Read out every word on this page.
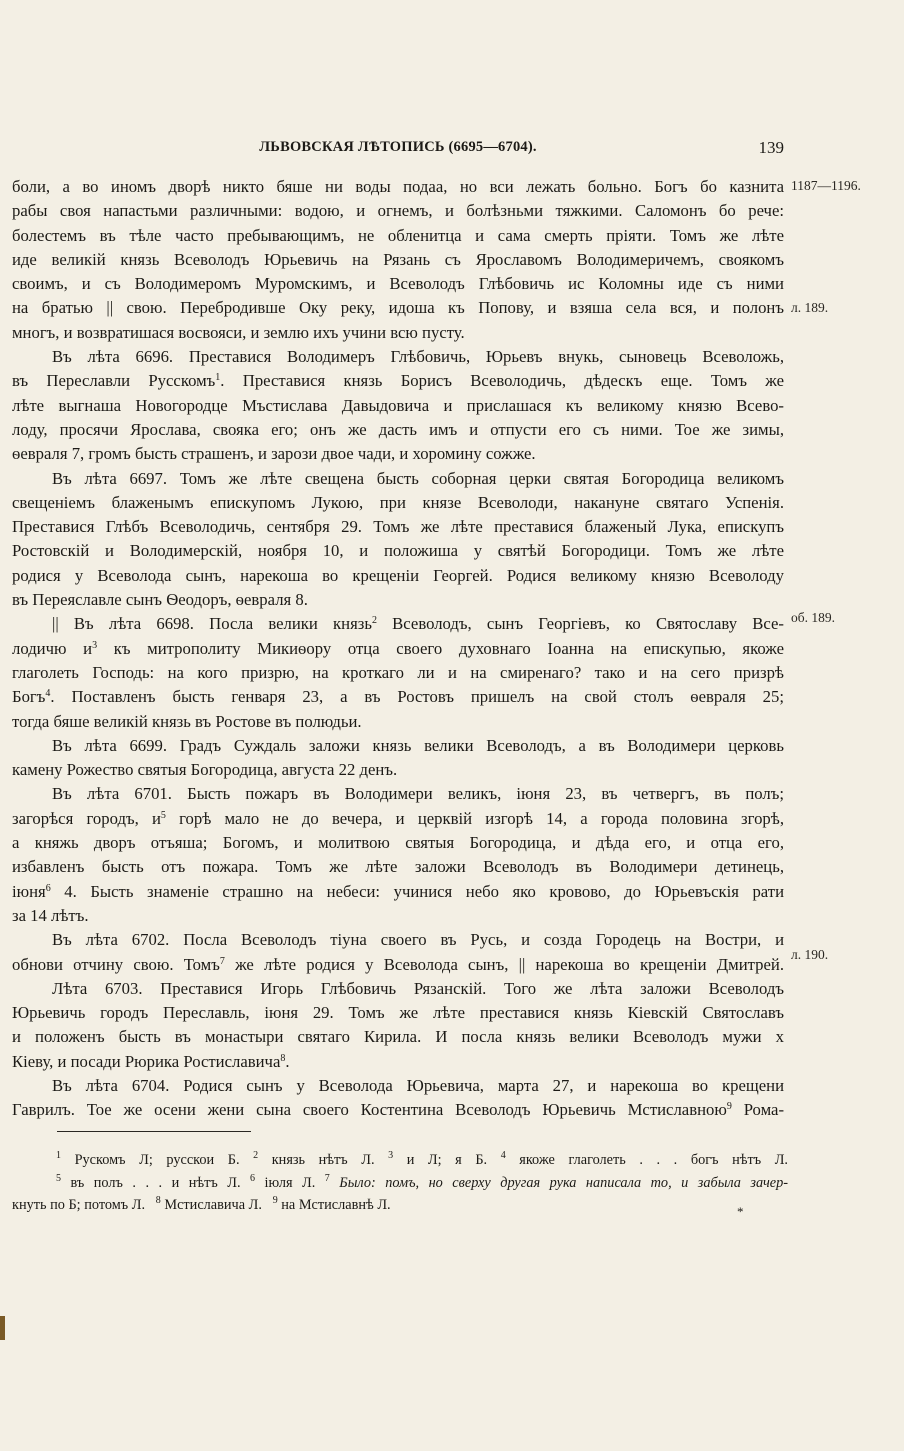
ЛЬВОВСКАЯ ЛѢТОПИСЬ (6695—6704).	139
1187—1196.
л. 189.
об. 189.
л. 190.
боли, а во иномъ дворѣ никто бяше ни воды подаа, но вси лежать больно. Богъ бо казнита
рабы своя напастьми различными: водою, и огнемъ, и болѣзньми тяжкими. Саломонъ бо рече:
болестемъ въ тѣле часто пребывающимъ, не обленитца и сама смерть пріяти. Томъ же лѣте
иде великій князь Всеволодъ Юрьевичь на Рязань съ Ярославомъ Володимеричемъ, своякомъ
своимъ, и съ Володимеромъ Муромскимъ, и Всеволодъ Глѣбовичь ис Коломны иде съ ними
на братью || свою. Перебродивше Оку реку, идоша къ Попову, и взяша села вся, и полонъ
многъ, и возвратишася восвояси, и землю ихъ учини всю пусту.
Въ лѣта 6696. Преставися Володимеръ Глѣбовичь, Юрьевъ внукь, сыновець Всеволожь,
въ Переславли Русскомъ$^1$. Преставися князь Борисъ Всеволодичь, дѣдескъ еще. Томъ же
лѣте выгнаша Новогородце Мъстислава Давыдовича и прислашася къ великому князю Всево-
лоду, просячи Ярослава, свояка его; онъ же дасть имъ и отпусти его съ ними. Тое же зимы,
ѳевраля 7, громъ бысть страшенъ, и зарози двое чади, и хоромину сожже.
Въ лѣта 6697. Томъ же лѣте свещена бысть соборная церки святая Богородица великомъ
свещеніемъ блаженымъ епискупомъ Лукою, при князе Всеволоди, накануне святаго Успенія.
Преставися Глѣбъ Всеволодичь, сентября 29. Томъ же лѣте преставися блаженый Лука, епискупъ
Ростовскій и Володимерскій, ноября 10, и положиша у святѣй Богородици. Томъ же лѣте
родися у Всеволода сынъ, нарекоша во крещеніи Георгей. Родися великому князю Всеволоду
въ Переяславле сынъ Ѳеодоръ, ѳевраля 8.
|| Въ лѣта 6698. Посла велики князь$^2$ Всеволодъ, сынъ Георгіевъ, ко Святославу Все-
лодичю $и^3$ къ митрополиту Микиѳору отца своего духовнаго Іоанна на епискупью, якоже
глаголеть Господь: на кого призрю, на кроткаго ли и на смиренаго? тако и на сего призрѣ
Богъ$^4$. Поставленъ бысть генваря 23, а въ Ростовъ пришелъ на свой столъ ѳевраля 25;
тогда бяше великій князь въ Ростове въ полюдьи.
Въ лѣта 6699. Градъ Суждаль заложи князь велики Всеволодъ, а въ Володимери церковь
камену Рожество святыя Богородица, августа 22 денъ.
Въ лѣта 6701. Бысть пожаръ въ Володимери великъ, іюня 23, въ четвергъ, въ полъ;
загорѣся городъ, $и^5$ горѣ мало не до вечера, и церквій изгорѣ 14, а города половина згорѣ,
а княжь дворъ отъяша; Богомъ, и молитвою святыя Богородица, и дѣда его, и отца его,
избавленъ бысть отъ пожара. Томъ же лѣте заложи Всеволодъ въ Володимери детинець,
іюня$^6$ 4. Бысть знаменіе страшно на небеси: учинися небо яко кровово, до Юрьевъскія рати
за 14 лѣтъ.
Въ лѣта 6702. Посла Всеволодъ тіуна своего въ Русь, и созда Городець на Востри, и
обнови отчину свою. Томъ$^7$ же лѣте родися у Всеволода сынъ, || нарекоша во крещеніи Дмитрей.
Лѣта 6703. Преставися Игорь Глѣбовичь Рязанскій. Того же лѣта заложи Всеволодъ
Юрьевичь городъ Переславль, іюня 29. Томъ же лѣте преставися князь Кіевскій Святославъ
и положенъ бысть въ монастыри святаго Кирила. И посла князь велики Всеволодъ мужи х
Кіеву, и посади Рюрика Ростиславича$^8$.
Въ лѣта 6704. Родися сынъ у Всеволода Юрьевича, марта 27, и нарекоша во крещени
Гаврилъ. Тое же осени жени сына своего Костентина Всеволодъ Юрьевичь Мстиславною$^9$ Рома-
$^1$ Рускомъ Л; русскои Б. $^2$ князь нѣтъ Л. $^3$ и Л; я Б. $^4$ якоже глаголеть . . . богъ нѣтъ Л.
$^5$ въ полъ . . . и нѣтъ Л. $^6$ іюля Л. $^7$ Было: помъ, но сверху другая рука написала то, и забыла зачер-
кнуть по Б; потомъ Л. $^8$ Мстиславича Л. $^9$ на Мстиславнѣ Л.	*
